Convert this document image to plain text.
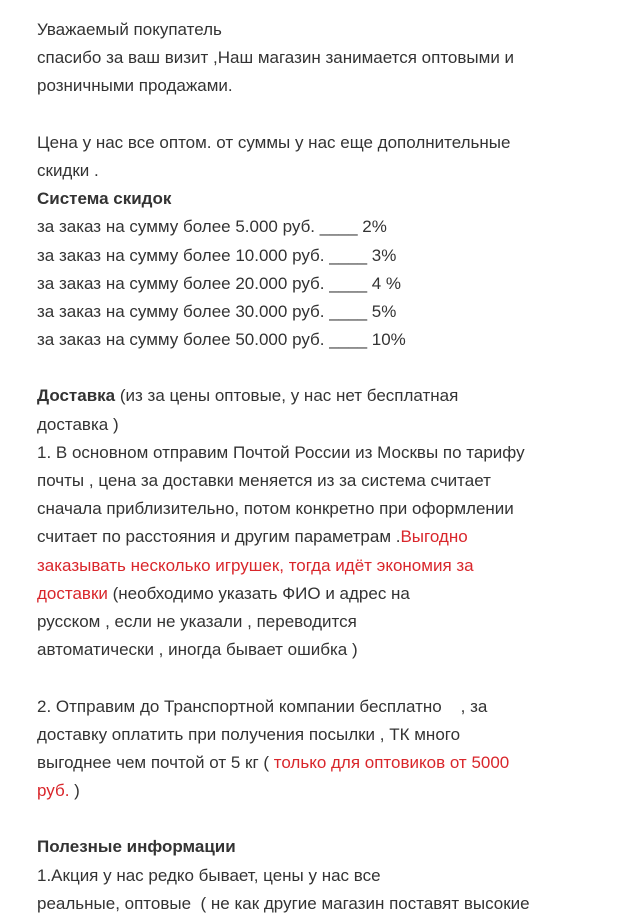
Уважаемый покупатель
спасибо за ваш визит ,Наш магазин занимается оптовыми и
розничными продажами.
Цена у нас все оптом. от суммы у нас еще дополнительные
скидки .
Система скидок
за заказ на сумму более 5.000 руб. ____ 2%
за заказ на сумму более 10.000 руб. ____ 3%
за заказ на сумму более 20.000 руб. ____ 4 %
за заказ на сумму более 30.000 руб. ____ 5%
за заказ на сумму более 50.000 руб. ____ 10%
Доставка (из за цены оптовые, у нас нет бесплатная
доставка )
1. В основном отправим Почтой России из Москвы по тарифу
почты , цена за доставки меняется из за система считает
сначала приблизительно, потом конкретно при оформлении
считает по расстояния и другим параметрам .Выгодно
заказывать несколько игрушек, тогда идёт экономия за
доставки (необходимо указать ФИО и адрес на
русском , если не указали , переводится
автоматически , иногда бывает ошибка )
2. Отправим до Транспортной компании бесплатно    , за
доставку оплатить при получения посылки , ТК много
выгоднее чем почтой от 5 кг ( только для оптовиков от 5000
руб. )
Полезные информации
1.Акция у нас редко бывает, цены у нас все
реальные, оптовые  ( не как другие магазин поставят высокие
